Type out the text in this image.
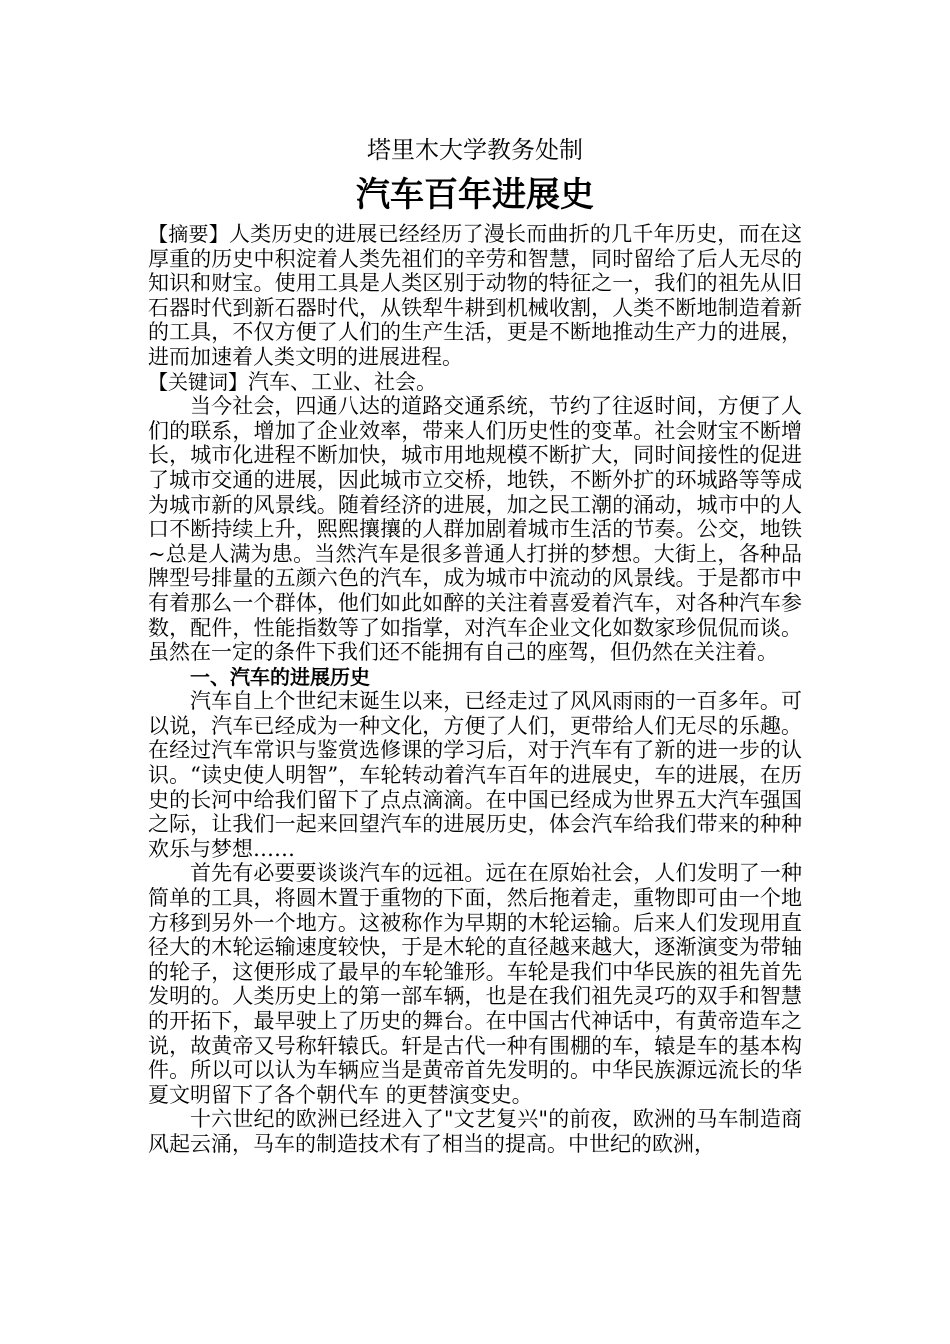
塔里木大学教务处制

汽车百年进展史

【摘要】人类历史的进展已经经历了漫长而曲折的几千年历史，而在这厚重的历史中积淀着人类先祖们的辛劳和智慧，同时留给了后人无尽的知识和财宝。使用工具是人类区别于动物的特征之一，我们的祖先从旧石器时代到新石器时代，从铁犁牛耕到机械收割，人类不断地制造着新的工具，不仅方便了人们的生产生活，更是不断地推动生产力的进展，进而加速着人类文明的进展进程。

【关键词】汽车、工业、社会。

当今社会，四通八达的道路交通系统，节约了往返时间，方便了人们的联系，增加了企业效率，带来人们历史性的变革。社会财宝不断增长，城市化进程不断加快，城市用地规模不断扩大，同时间接性的促进了城市交通的进展，因此城市立交桥，地铁，不断外扩的环城路等等成为城市新的风景线。随着经济的进展，加之民工潮的涌动，城市中的人口不断持续上升，熙熙攘攘的人群加剧着城市生活的节奏。公交，地铁~总是人满为患。当然汽车是很多普通人打拼的梦想。大街上，各种品牌型号排量的五颜六色的汽车，成为城市中流动的风景线。于是都市中有着那么一个群体，他们如此如醉的关注着喜爱着汽车，对各种汽车参数，配件，性能指数等了如指掌，对汽车企业文化如数家珍侃侃而谈。虽然在一定的条件下我们还不能拥有自己的座驾，但仍然在关注着。

一、汽车的进展历史

汽车自上个世纪末诞生以来，已经走过了风风雨雨的一百多年。可以说，汽车已经成为一种文化，方便了人们，更带给人们无尽的乐趣。在经过汽车常识与鉴赏选修课的学习后，对于汽车有了新的进一步的认识。“读史使人明智”，车轮转动着汽车百年的进展史，车的进展，在历史的长河中给我们留下了点点滴滴。在中国已经成为世界五大汽车强国之际，让我们一起来回望汽车的进展历史，体会汽车给我们带来的种种欢乐与梦想……

首先有必要要谈谈汽车的远祖。远在在原始社会，人们发明了一种简单的工具，将圆木置于重物的下面，然后拖着走，重物即可由一个地方移到另外一个地方。这被称作为早期的木轮运输。后来人们发现用直径大的木轮运输速度较快，于是木轮的直径越来越大，逐渐演变为带轴的轮子，这便形成了最早的车轮雏形。车轮是我们中华民族的祖先首先发明的。人类历史上的第一部车辆，也是在我们祖先灵巧的双手和智慧的开拓下，最早驶上了历史的舞台。在中国古代神话中，有黄帝造车之说，故黄帝又号称轩辕氏。轩是古代一种有围棚的车，辕是车的基本构件。所以可以认为车辆应当是黄帝首先发明的。中华民族源远流长的华夏文明留下了各个朝代车 的更替演变史。

十六世纪的欧洲已经进入了"文艺复兴"的前夜，欧洲的马车制造商风起云涌，马车的制造技术有了相当的提高。中世纪的欧洲，
